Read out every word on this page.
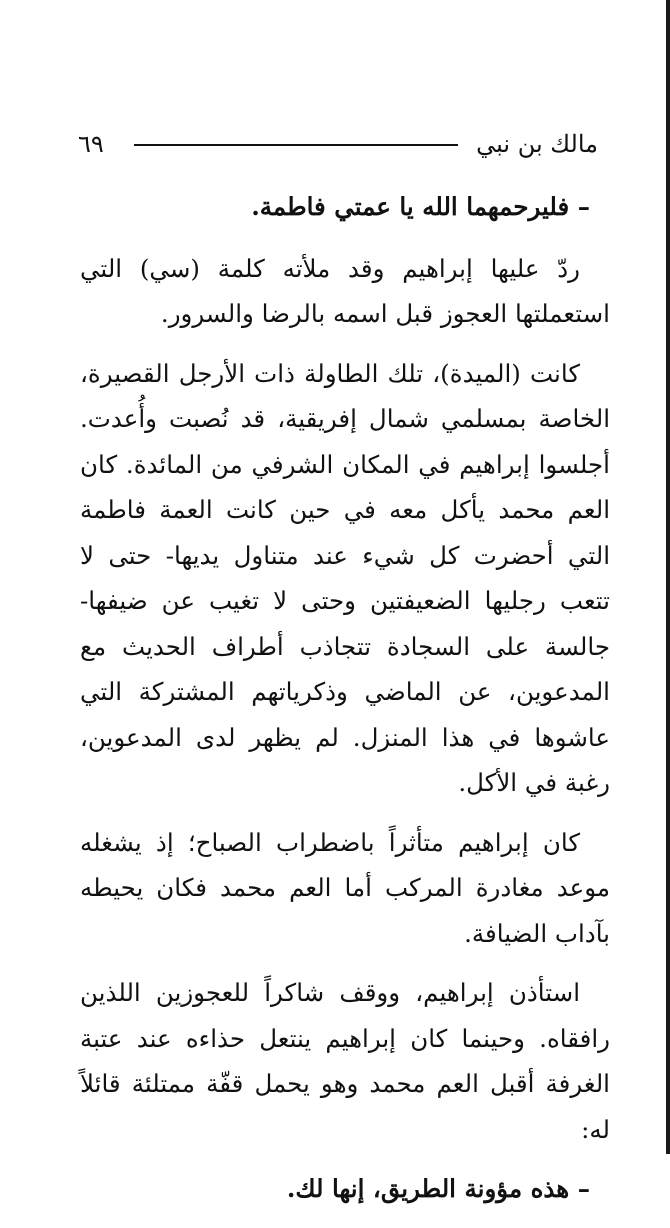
مالك بن نبي
٦٩

– فليرحمهما الله يا عمتي فاطمة.

ردّ عليها إبراهيم وقد ملأته كلمة (سي) التي استعملتها العجوز قبل اسمه بالرضا والسرور.

كانت (الميدة)، تلك الطاولة ذات الأرجل القصيرة، الخاصة بمسلمي شمال إفريقية، قد نُصبت وأُعدت. أجلسوا إبراهيم في المكان الشرفي من المائدة. كان العم محمد يأكل معه في حين كانت العمة فاطمة التي أحضرت كل شيء عند متناول يديها- حتى لا تتعب رجليها الضعيفتين وحتى لا تغيب عن ضيفها- جالسة على السجادة تتجاذب أطراف الحديث مع المدعوين، عن الماضي وذكرياتهم المشتركة التي عاشوها في هذا المنزل. لم يظهر لدى المدعوين، رغبة في الأكل.

كان إبراهيم متأثراً باضطراب الصباح؛ إذ يشغله موعد مغادرة المركب أما العم محمد فكان يحيطه بآداب الضيافة.

استأذن إبراهيم، ووقف شاكراً للعجوزين اللذين رافقاه. وحينما كان إبراهيم ينتعل حذاءه عند عتبة الغرفة أقبل العم محمد وهو يحمل قفّة ممتلئة قائلاً له:

– هذه مؤونة الطريق، إنها لك.
